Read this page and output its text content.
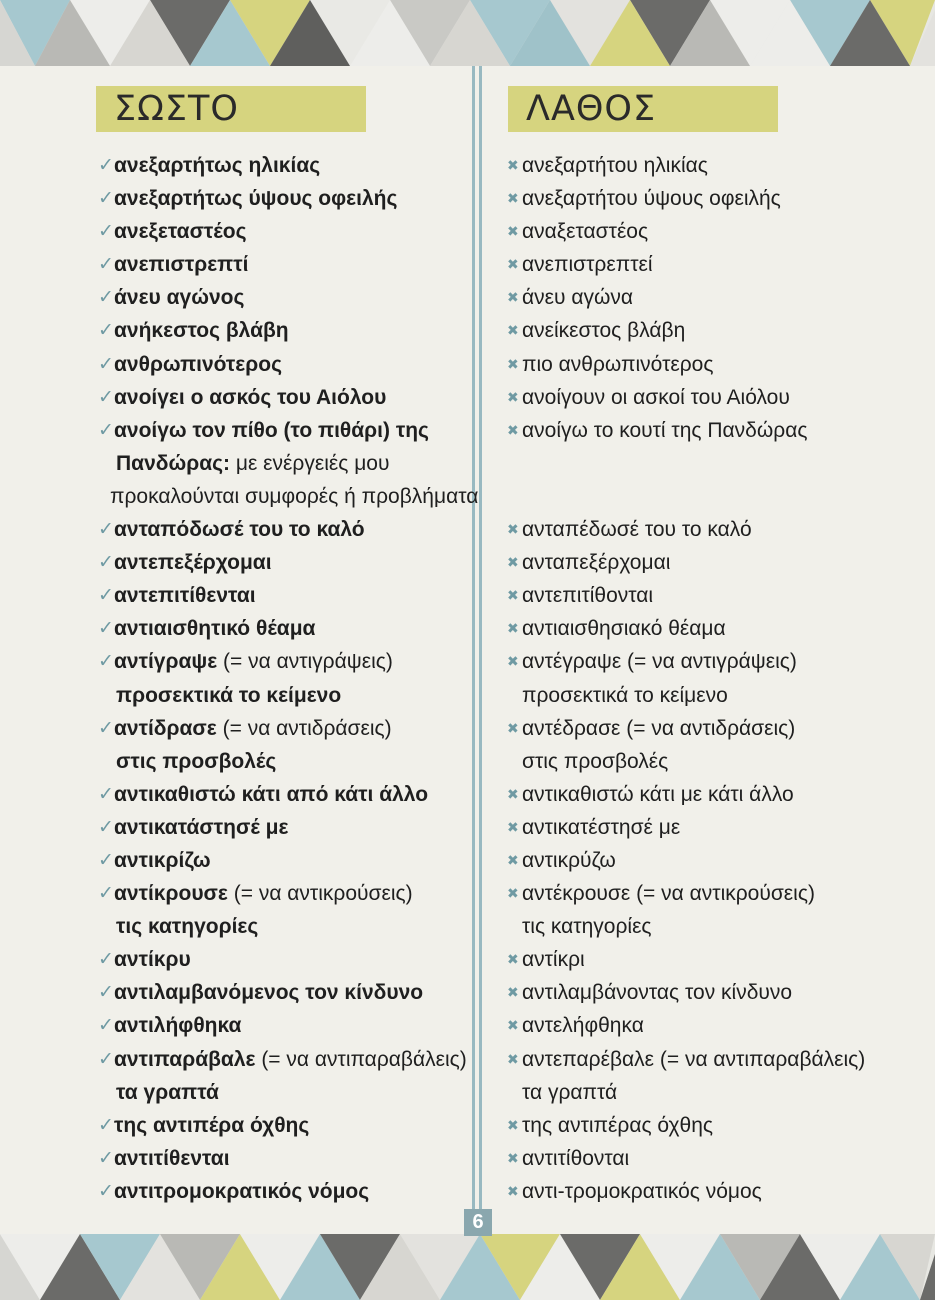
6
ΣΩΣΤΟ	ΛΑΘΟΣ
✓ ανεξαρτήτως ηλικίας
✓ ανεξαρτήτως ύψους οφειλής
✓ ανεξεταστέος
✓ ανεπιστρεπτί
✓ άνευ αγώνος
✓ ανήκεστος βλάβη
✓ ανθρωπινότερος
✓ ανοίγει ο ασκός του Αιόλου
✓ ανοίγω τον πίθο (το πιθάρι) της
Πανδώρας: με ενέργειές μου
προκαλούνται συμφορές ή προβλήματα
✓ ανταπόδωσέ του το καλό
✓ αντεπεξέρχομαι
✓ αντεπιτίθενται
✓ αντιαισθητικό θέαμα
✓ αντίγραψε (= να αντιγράψεις)
προσεκτικά το κείμενο
✓ αντίδρασε (= να αντιδράσεις)
στις προσβολές
✓ αντικαθιστώ κάτι από κάτι άλλο
✓ αντικατάστησέ με
✓ αντικρίζω
✓ αντίκρουσε (= να αντικρούσεις)
τις κατηγορίες
✓ αντίκρυ
✓ αντιλαμβανόμενος τον κίνδυνο
✓ αντιλήφθηκα
✓ αντιπαράβαλε (= να αντιπαραβάλεις)
τα γραπτά
✓ της αντιπέρα όχθης
✓ αντιτίθενται
✓ αντιτρομοκρατικός νόμος
✖ ανεξαρτήτου ηλικίας
✖ ανεξαρτήτου ύψους οφειλής
✖ αναξεταστέος
✖ ανεπιστρεπτεί
✖ άνευ αγώνα
✖ ανείκεστος βλάβη
✖ πιο ανθρωπινότερος
✖ ανοίγουν οι ασκοί του Αιόλου
✖ ανοίγω το κουτί της Πανδώρας
✖ ανταπέδωσέ του το καλό
✖ ανταπεξέρχομαι
✖ αντεπιτίθονται
✖ αντιαισθησιακό θέαμα
✖ αντέγραψε (= να αντιγράψεις)
προσεκτικά το κείμενο
✖ αντέδρασε (= να αντιδράσεις)
στις προσβολές
✖ αντικαθιστώ κάτι με κάτι άλλο
✖ αντικατέστησέ με
✖ αντικρύζω
✖ αντέκρουσε (= να αντικρούσεις)
τις κατηγορίες
✖ αντίκρι
✖ αντιλαμβάνοντας τον κίνδυνο
✖ αντελήφθηκα
✖ αντεπαρέβαλε (= να αντιπαραβάλεις)
τα γραπτά
✖ της αντιπέρας όχθης
✖ αντιτίθονται
✖ αντι-τρομοκρατικός νόμος
